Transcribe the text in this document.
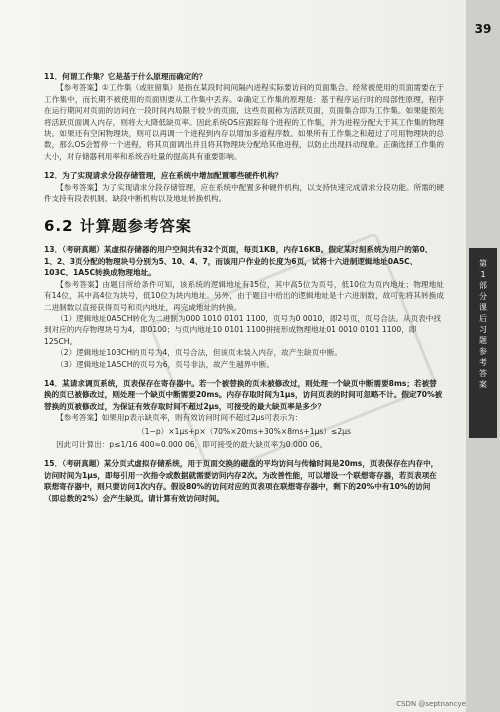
39
第1部分 课后习题参考答案
11．何谓工作集？它是基于什么原理而确定的？

【参考答案】①工作集（或驻留集）是指在某段时间间隔内进程实际要访问的页面集合。经常被使用的页面需要在于工作集中，而长期不被使用的页面则要从工作集中丢弃。②确定工作集的原理是：基于程序运行时的局部性原理，程序在运行期间对页面的访问在一段时间内局限于较少的页面，这些页面称为活跃页面，页面集合即为工作集。如果能预先将活跃页面调入内存，则将大大降低缺页率。因此系统OS应跟踪每个进程的工作集，并为进程分配大于其工作集的物理块。如果还有空闲物理块，则可以再调一个进程到内存以增加多道程序数。如果所有工作集之和超过了可用物理块的总数，那么OS会暂停一个进程，将其页面调出并且将其物理块分配给其他进程，以防止出现抖动现象。正确选择工作集的大小，对存储器利用率和系统吞吐量的提高具有重要影响。

12．为了实现请求分段存储管理，应在系统中增加配置哪些硬件机构？

【参考答案】为了实现请求分段存储管理，应在系统中配置多种硬件机构，以支持快速完成请求分段功能。所需的硬件支持有段表机制、缺段中断机构以及地址转换机构。

6.2 计算题参考答案
13．（考研真题）某虚拟存储器的用户空间共有32个页面，每页1KB，内存16KB。假定某时刻系统为用户的第0、1、2、3页分配的物理块号分别为5、10、4、7，而该用户作业的长度为6页，试将十六进制逻辑地址0A5C、103C、1A5C转换成物理地址。

【参考答案】由题目所给条件可知，该系统的逻辑地址有15位，其中高5位为页号，低10位为页内地址；物理地址有14位，其中高4位为块号，低10位为块内地址。另外，由于题目中给出的逻辑地址是十六进制数，故可先将其转换成二进制数以直接获得页号和页内地址，再完成地址的转换。

（1）逻辑地址0A5CH转化为二进制为000 1010 0101 1100，页号为0 0010，即2号页，页号合法。从页表中找到对应的内存物理块号为4，即0100；与页内地址10 0101 1100拼接形成物理地址01 0010 0101 1100，即125CH。

（2）逻辑地址103CH的页号为4，页号合法，但该页未装入内存，故产生缺页中断。

（3）逻辑地址1A5CH的页号为6，页号非法，故产生越界中断。

14．某请求调页系统，页表保存在寄存器中。若一个被替换的页未被修改过，则处理一个缺页中断需要8ms；若被替换的页已被修改过，则处理一个缺页中断需要20ms。内存存取时间为1μs，访问页表的时间可忽略不计。假定70%被替换的页被修改过，为保证有效存取时间不超过2μs，可接受的最大缺页率是多少？

【参考答案】如果用p表示缺页率，则有效访问时间不超过2μs可表示为：

（1−p）×1μs+p×（70%×20ms+30%×8ms+1μs）≤2μs

因此可计算出：p≤1/16 400≈0.000 06，即可接受的最大缺页率为0.000 06。

15．（考研真题）某分页式虚拟存储系统，用于页面交换的磁盘的平均访问与传输时间是20ms，页表保存在内存中，访问时间为1μs，即每引用一次指令或数据就需要访问内存2次。为改善性能，可以增设一个联想寄存器，若页表项在联想寄存器中，则只要访问1次内存。假设80%的访问对应的页表项在联想寄存器中，剩下的20%中有10%的访问（即总数的2%）会产生缺页。请计算有效访问时间。
CSDN @septnancye
